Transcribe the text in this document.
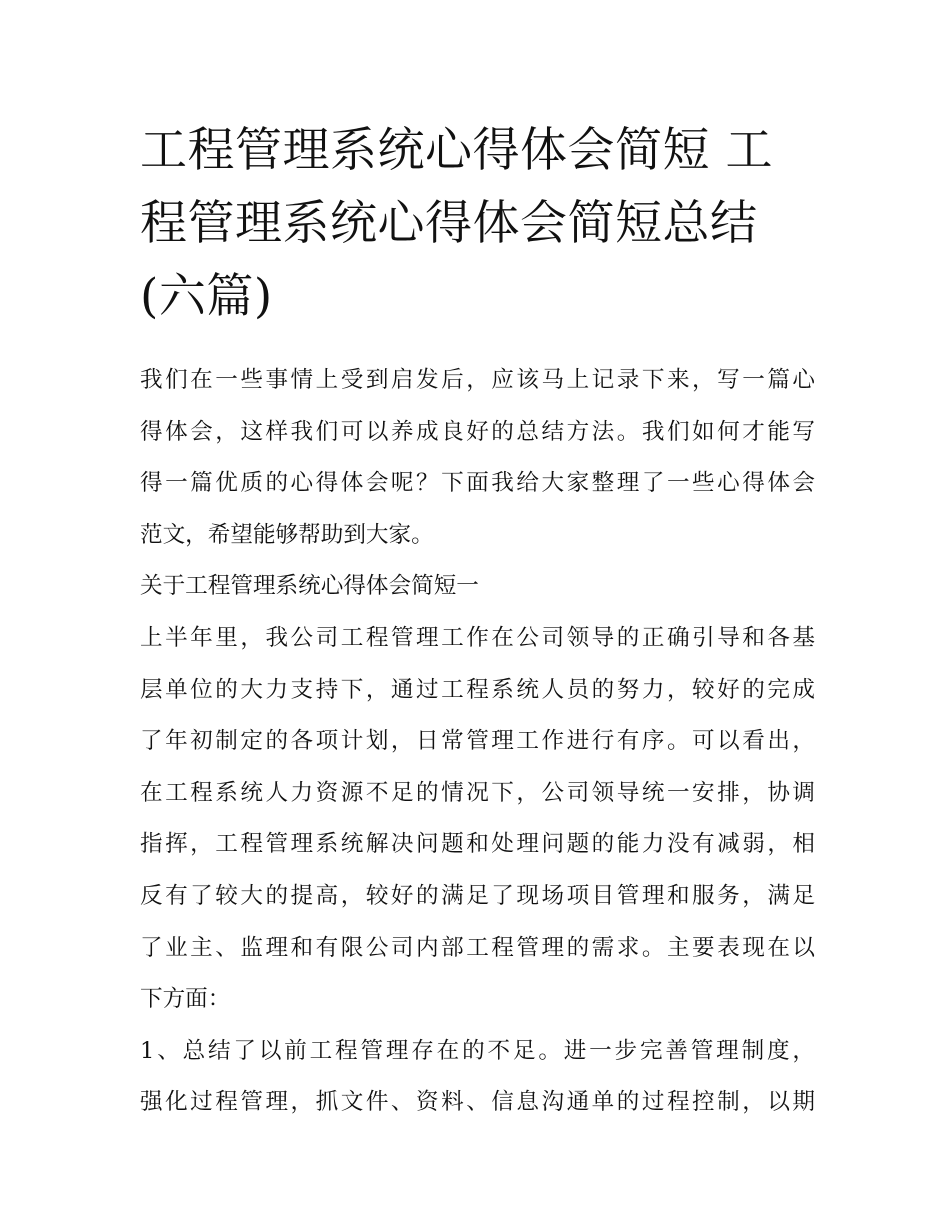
工程管理系统心得体会简短 工
程管理系统心得体会简短总结
(六篇)
我们在一些事情上受到启发后，应该马上记录下来，写一篇心
得体会，这样我们可以养成良好的总结方法。我们如何才能写
得一篇优质的心得体会呢？下面我给大家整理了一些心得体会
范文，希望能够帮助到大家。
关于工程管理系统心得体会简短一
上半年里，我公司工程管理工作在公司领导的正确引导和各基
层单位的大力支持下，通过工程系统人员的努力，较好的完成
了年初制定的各项计划，日常管理工作进行有序。可以看出，
在工程系统人力资源不足的情况下，公司领导统一安排，协调
指挥，工程管理系统解决问题和处理问题的能力没有减弱，相
反有了较大的提高，较好的满足了现场项目管理和服务，满足
了业主、监理和有限公司内部工程管理的需求。主要表现在以
下方面：
1、总结了以前工程管理存在的不足。进一步完善管理制度，
强化过程管理，抓文件、资料、信息沟通单的过程控制，以期
